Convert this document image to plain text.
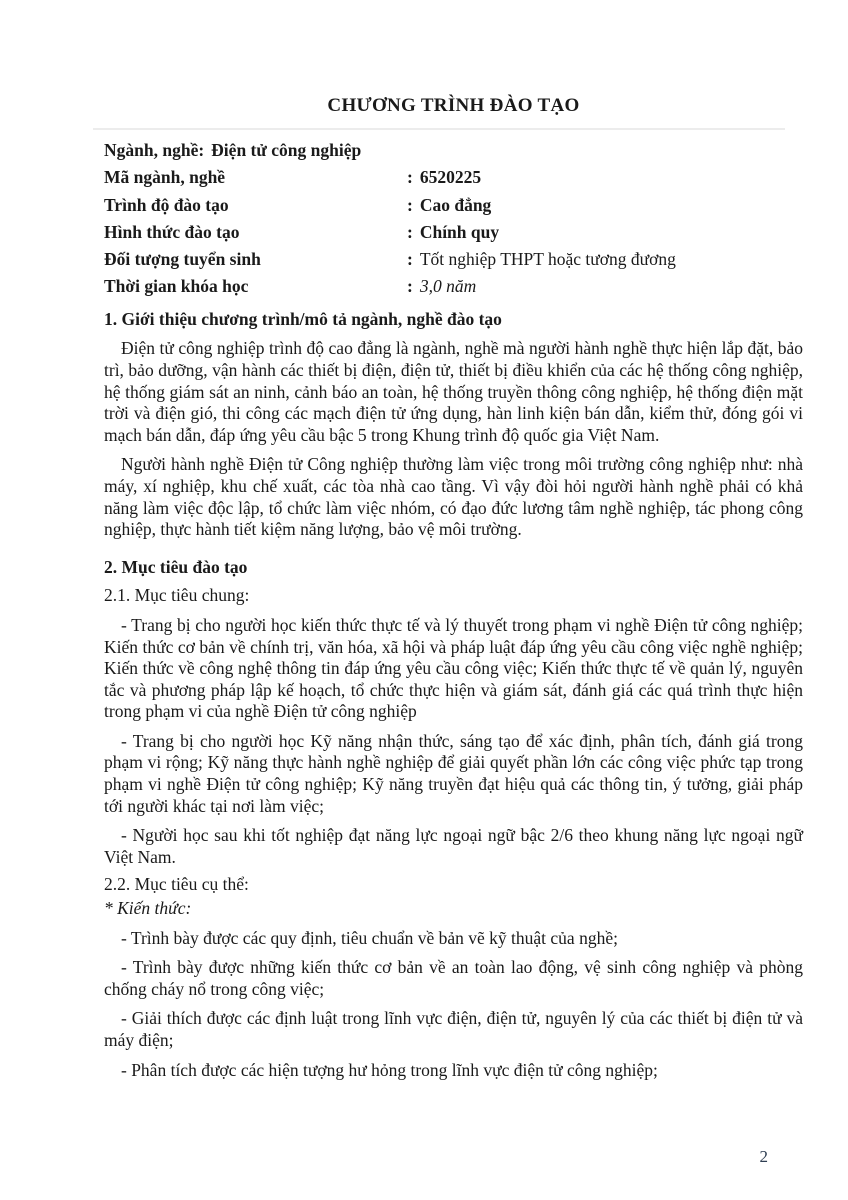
CHƯƠNG TRÌNH ĐÀO TẠO
Ngành, nghề: Điện tử công nghiệp
Mã ngành, nghề	: 6520225
Trình độ đào tạo	: Cao đẳng
Hình thức đào tạo	: Chính quy
Đối tượng tuyển sinh	: Tốt nghiệp THPT hoặc tương đương
Thời gian khóa học	: 3,0 năm
1. Giới thiệu chương trình/mô tả ngành, nghề đào tạo

Điện tử công nghiệp trình độ cao đẳng là ngành, nghề mà người hành nghề thực hiện lắp đặt, bảo trì, bảo dưỡng, vận hành các thiết bị điện, điện tử, thiết bị điều khiển của các hệ thống công nghiệp, hệ thống giám sát an ninh, cảnh báo an toàn, hệ thống truyền thông công nghiệp, hệ thống điện mặt trời và điện gió, thi công các mạch điện tử ứng dụng, hàn linh kiện bán dẫn, kiểm thử, đóng gói vi mạch bán dẫn, đáp ứng yêu cầu bậc 5 trong Khung trình độ quốc gia Việt Nam.

Người hành nghề Điện tử Công nghiệp thường làm việc trong môi trường công nghiệp như: nhà máy, xí nghiệp, khu chế xuất, các tòa nhà cao tầng. Vì vậy đòi hỏi người hành nghề phải có khả năng làm việc độc lập, tổ chức làm việc nhóm, có đạo đức lương tâm nghề nghiệp, tác phong công nghiệp, thực hành tiết kiệm năng lượng, bảo vệ môi trường.

2. Mục tiêu đào tạo
2.1. Mục tiêu chung:

- Trang bị cho người học kiến thức thực tế và lý thuyết trong phạm vi nghề Điện tử công nghiệp; Kiến thức cơ bản về chính trị, văn hóa, xã hội và pháp luật đáp ứng yêu cầu công việc nghề nghiệp; Kiến thức về công nghệ thông tin đáp ứng yêu cầu công việc; Kiến thức thực tế về quản lý, nguyên tắc và phương pháp lập kế hoạch, tổ chức thực hiện và giám sát, đánh giá các quá trình thực hiện trong phạm vi của nghề Điện tử công nghiệp

- Trang bị cho người học Kỹ năng nhận thức, sáng tạo để xác định, phân tích, đánh giá trong phạm vi rộng; Kỹ năng thực hành nghề nghiệp để giải quyết phần lớn các công việc phức tạp trong phạm vi nghề Điện tử công nghiệp; Kỹ năng truyền đạt hiệu quả các thông tin, ý tưởng, giải pháp tới người khác tại nơi làm việc;

- Người học sau khi tốt nghiệp đạt năng lực ngoại ngữ bậc 2/6 theo khung năng lực ngoại ngữ Việt Nam.

2.2. Mục tiêu cụ thể:
* Kiến thức:

- Trình bày được các quy định, tiêu chuẩn về bản vẽ kỹ thuật của nghề;

- Trình bày được những kiến thức cơ bản về an toàn lao động, vệ sinh công nghiệp và phòng chống cháy nổ trong công việc;

- Giải thích được các định luật trong lĩnh vực điện, điện tử, nguyên lý của các thiết bị điện tử và máy điện;

- Phân tích được các hiện tượng hư hỏng trong lĩnh vực điện tử công nghiệp;

2
